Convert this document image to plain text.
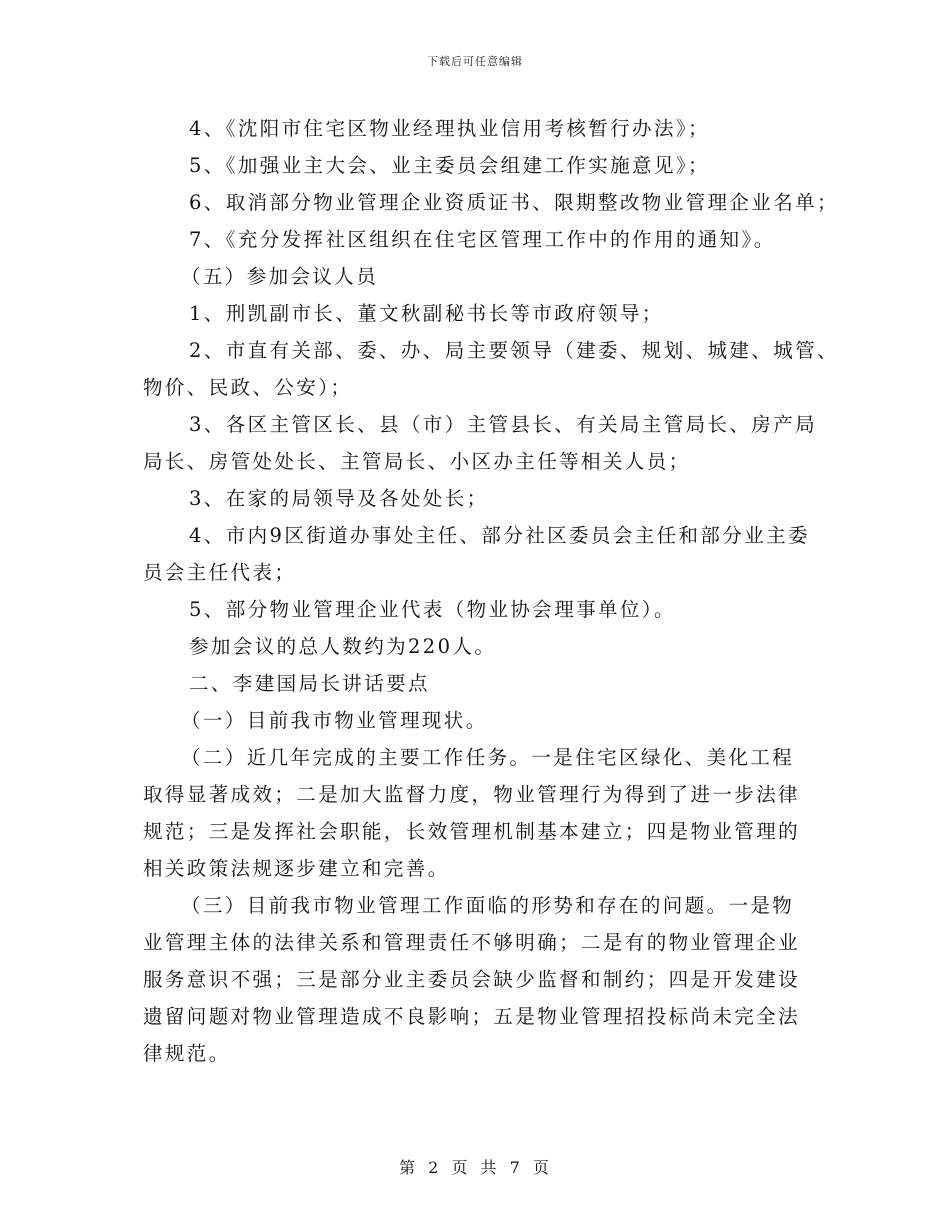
下载后可任意编辑
4、《沈阳市住宅区物业经理执业信用考核暂行办法》；
5、《加强业主大会、业主委员会组建工作实施意见》；
6、取消部分物业管理企业资质证书、限期整改物业管理企业名单；
7、《充分发挥社区组织在住宅区管理工作中的作用的通知》。
（五）参加会议人员
1、刑凯副市长、董文秋副秘书长等市政府领导；
2、市直有关部、委、办、局主要领导（建委、规划、城建、城管、
物价、民政、公安）；
3、各区主管区长、县（市）主管县长、有关局主管局长、房产局
局长、房管处处长、主管局长、小区办主任等相关人员；
3、在家的局领导及各处处长；
4、市内9区街道办事处主任、部分社区委员会主任和部分业主委
员会主任代表；
5、部分物业管理企业代表（物业协会理事单位）。
参加会议的总人数约为220人。
二、李建国局长讲话要点
（一）目前我市物业管理现状。
（二）近几年完成的主要工作任务。一是住宅区绿化、美化工程
取得显著成效；二是加大监督力度，物业管理行为得到了进一步法律
规范；三是发挥社会职能，长效管理机制基本建立；四是物业管理的
相关政策法规逐步建立和完善。
（三）目前我市物业管理工作面临的形势和存在的问题。一是物
业管理主体的法律关系和管理责任不够明确；二是有的物业管理企业
服务意识不强；三是部分业主委员会缺少监督和制约；四是开发建设
遗留问题对物业管理造成不良影响；五是物业管理招投标尚未完全法
律规范。
第 2 页 共 7 页
